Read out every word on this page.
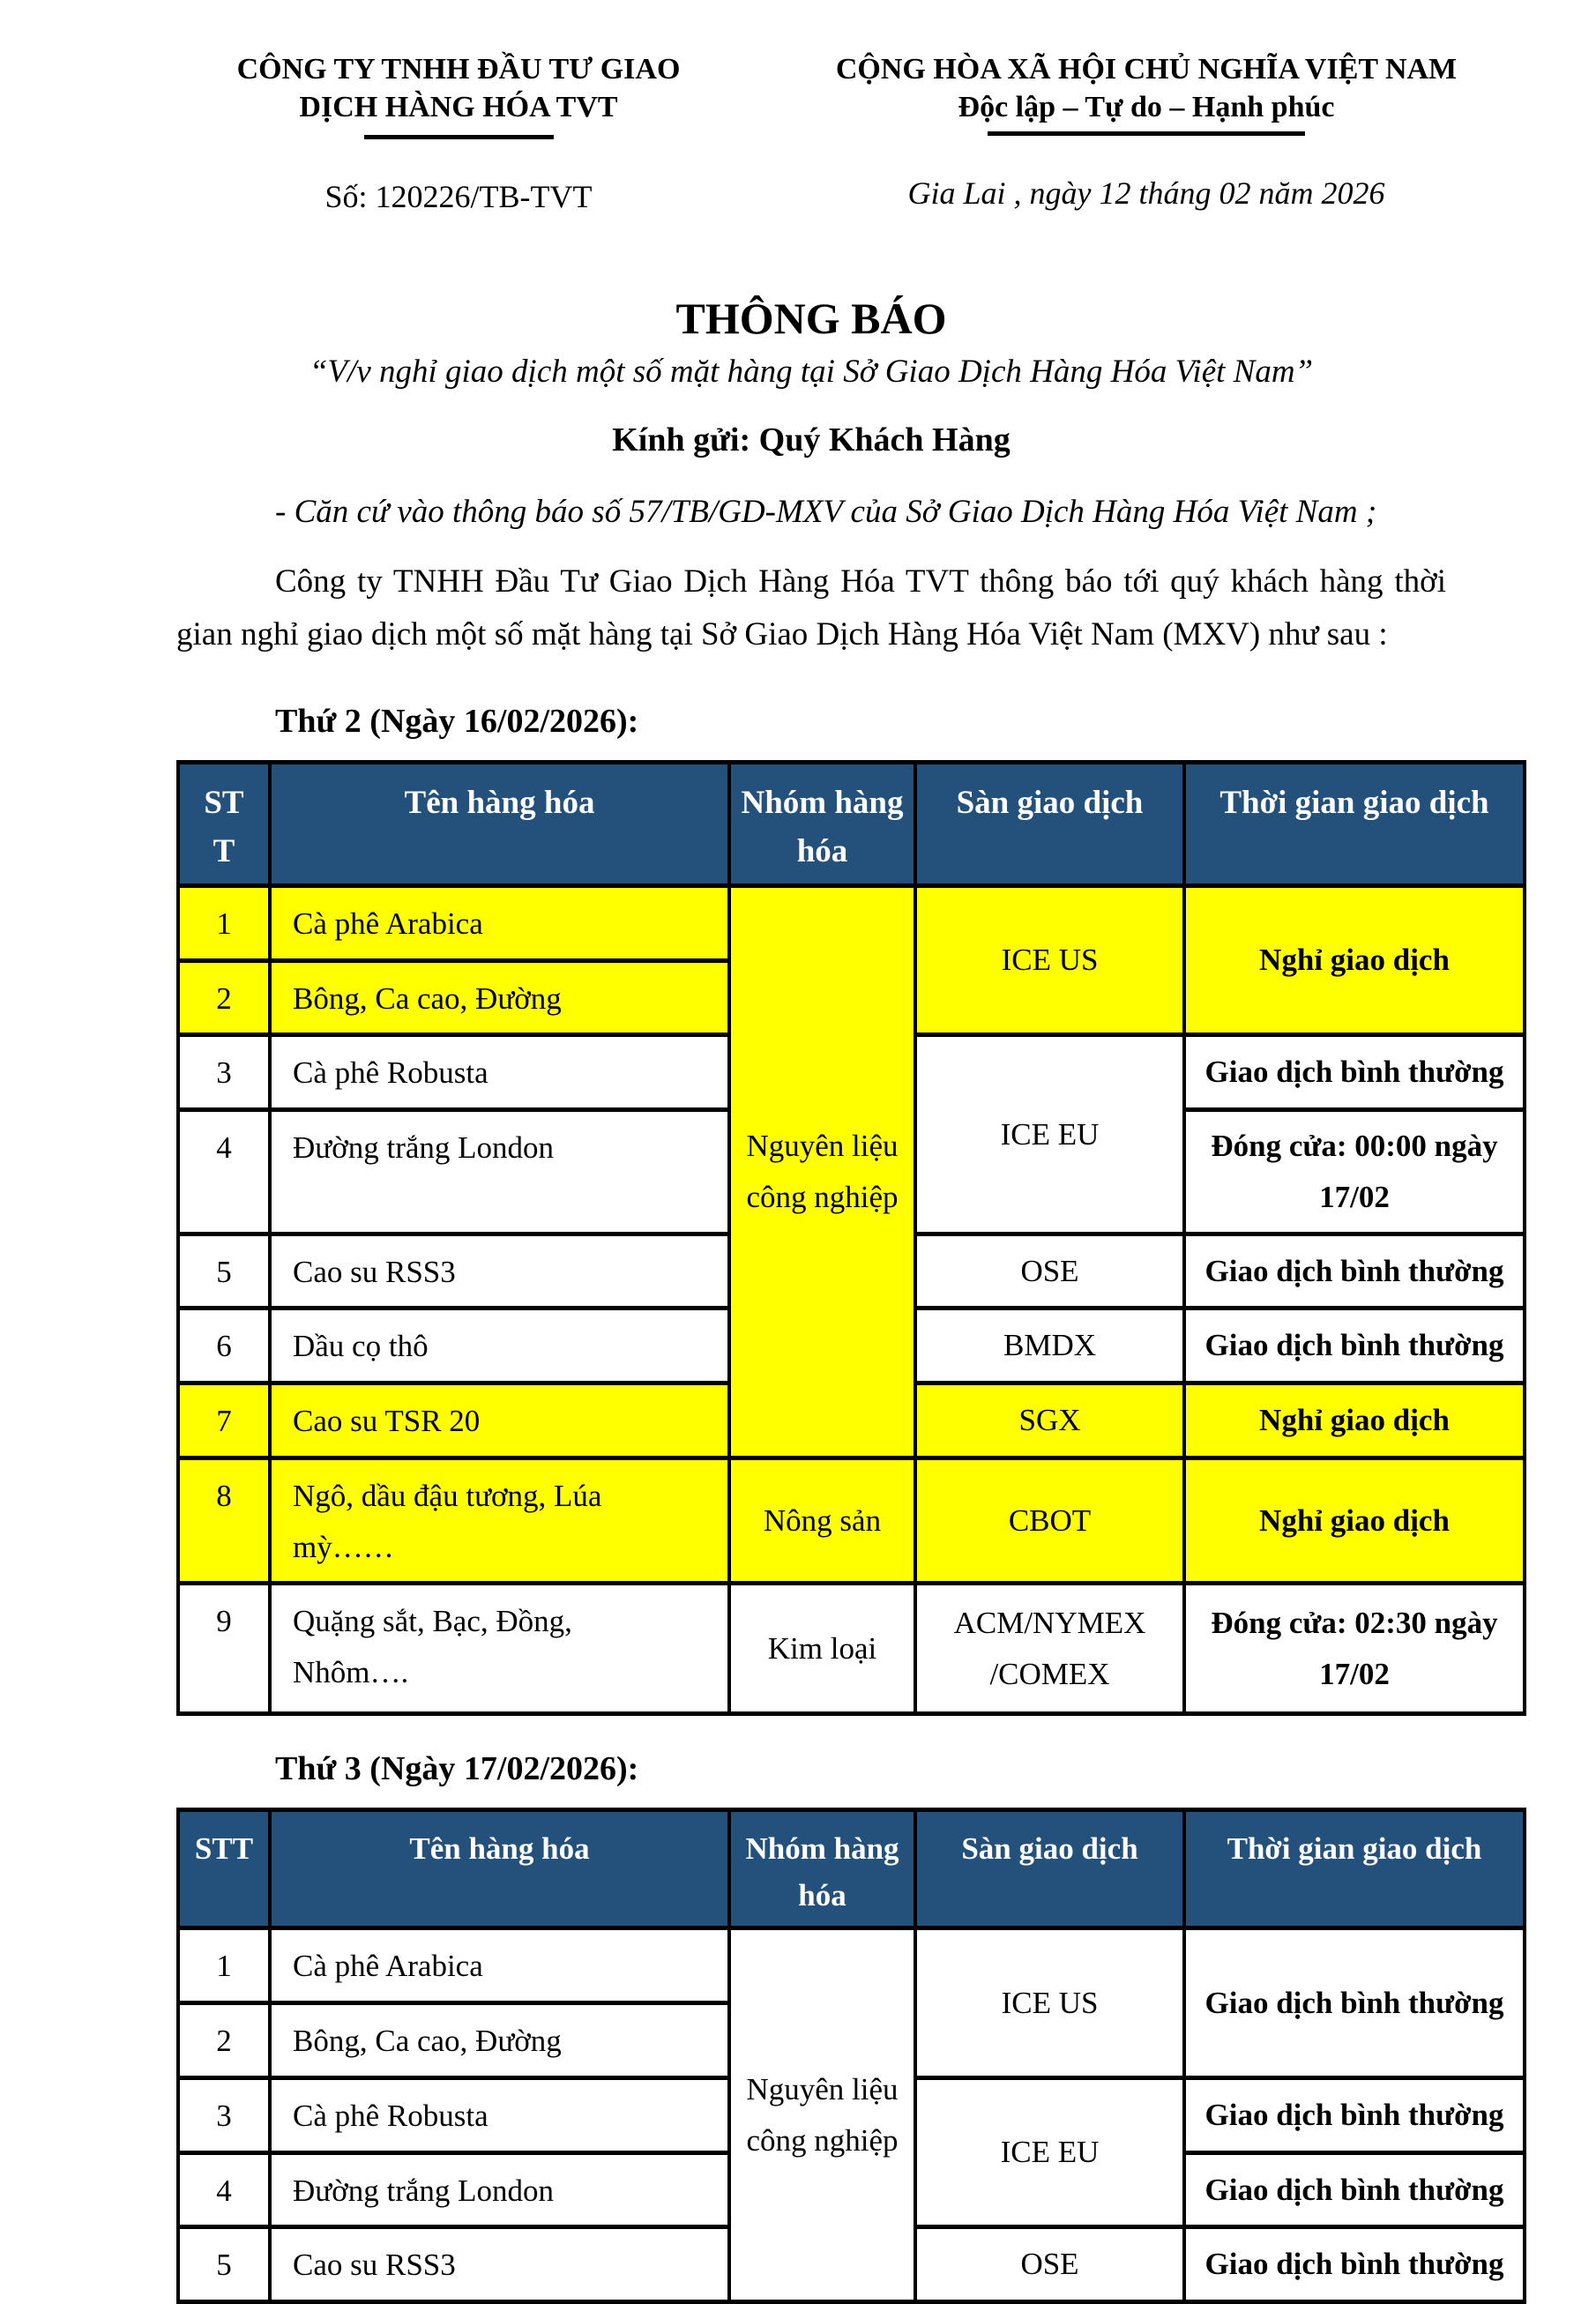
CÔNG TY TNHH ĐẦU TƯ GIAO
DỊCH HÀNG HÓA TVT
Số: 120226/TB-TVT
CỘNG HÒA XÃ HỘI CHỦ NGHĨA VIỆT NAM
Độc lập – Tự do – Hạnh phúc
Gia Lai , ngày 12 tháng 02 năm 2026
THÔNG BÁO
“V/v nghỉ giao dịch một số mặt hàng tại Sở Giao Dịch Hàng Hóa Việt Nam”
Kính gửi: Quý Khách Hàng
- Căn cứ vào thông báo số 57/TB/GD-MXV của Sở Giao Dịch Hàng Hóa Việt Nam ;

Công ty TNHH Đầu Tư Giao Dịch Hàng Hóa TVT thông báo tới quý khách hàng thời gian nghỉ giao dịch một số mặt hàng tại Sở Giao Dịch Hàng Hóa Việt Nam (MXV) như sau :

Thứ 2 (Ngày 16/02/2026):
STT	Tên hàng hóa	Nhóm hàng hóa	Sàn giao dịch	Thời gian giao dịch
1	Cà phê Arabica	Nguyên liệu công nghiệp	ICE US	Nghỉ giao dịch
2	Bông, Ca cao, Đường			
3	Cà phê Robusta		ICE EU	Giao dịch bình thường
4	Đường trắng London			Đóng cửa: 00:00 ngày 17/02
5	Cao su RSS3		OSE	Giao dịch bình thường
6	Dầu cọ thô		BMDX	Giao dịch bình thường
7	Cao su TSR 20		SGX	Nghỉ giao dịch
8	Ngô, dầu đậu tương, Lúa mỳ……	Nông sản	CBOT	Nghỉ giao dịch
9	Quặng sắt, Bạc, Đồng, Nhôm….	Kim loại	ACM/NYMEX /COMEX	Đóng cửa: 02:30 ngày 17/02
Thứ 3 (Ngày 17/02/2026):
STT	Tên hàng hóa	Nhóm hàng hóa	Sàn giao dịch	Thời gian giao dịch
1	Cà phê Arabica	Nguyên liệu công nghiệp	ICE US	Giao dịch bình thường
2	Bông, Ca cao, Đường			
3	Cà phê Robusta		ICE EU	Giao dịch bình thường
4	Đường trắng London			Giao dịch bình thường
5	Cao su RSS3		OSE	Giao dịch bình thường
